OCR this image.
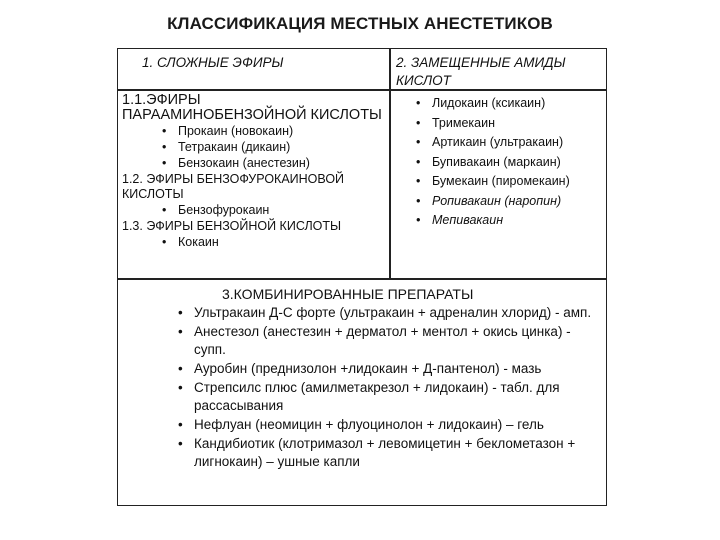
КЛАССИФИКАЦИЯ МЕСТНЫХ АНЕСТЕТИКОВ
1. СЛОЖНЫЕ ЭФИРЫ	2. ЗАМЕЩЕННЫЕ АМИДЫ КИСЛОТ

1.1.ЭФИРЫ ПАРААМИНОБЕНЗОЙНОЙ КИСЛОТЫ

• Прокаин (новокаин)
• Тетракаин (дикаин)
• Бензокаин (анестезин)

1.2. ЭФИРЫ БЕНЗОФУРОКАИНОВОЙ КИСЛОТЫ

• Бензофурокаин

1.3. ЭФИРЫ БЕНЗОЙНОЙ КИСЛОТЫ

• Кокаин
• Лидокаин (ксикаин)
• Тримекаин
• Артикаин (ультракаин)
• Бупивакаин (маркаин)
• Бумекаин (пиромекаин)
• Ропивакаин (наропин)
• Мепивакаин
3.КОМБИНИРОВАННЫЕ ПРЕПАРАТЫ
• Ультракаин Д-С форте (ультракаин + адреналин хлорид) - амп.
• Анестезол (анестезин + дерматол + ментол + окись цинка) - супп.
• Ауробин (преднизолон +лидокаин + Д-пантенол) - мазь
• Стрепсилс плюс (амилметакрезол + лидокаин) - табл. для рассасывания
• Нефлуан (неомицин + флуоцинолон + лидокаин) – гель
• Кандибиотик (клотримазол + левомицетин + беклометазон + лигнокаин) – ушные капли
